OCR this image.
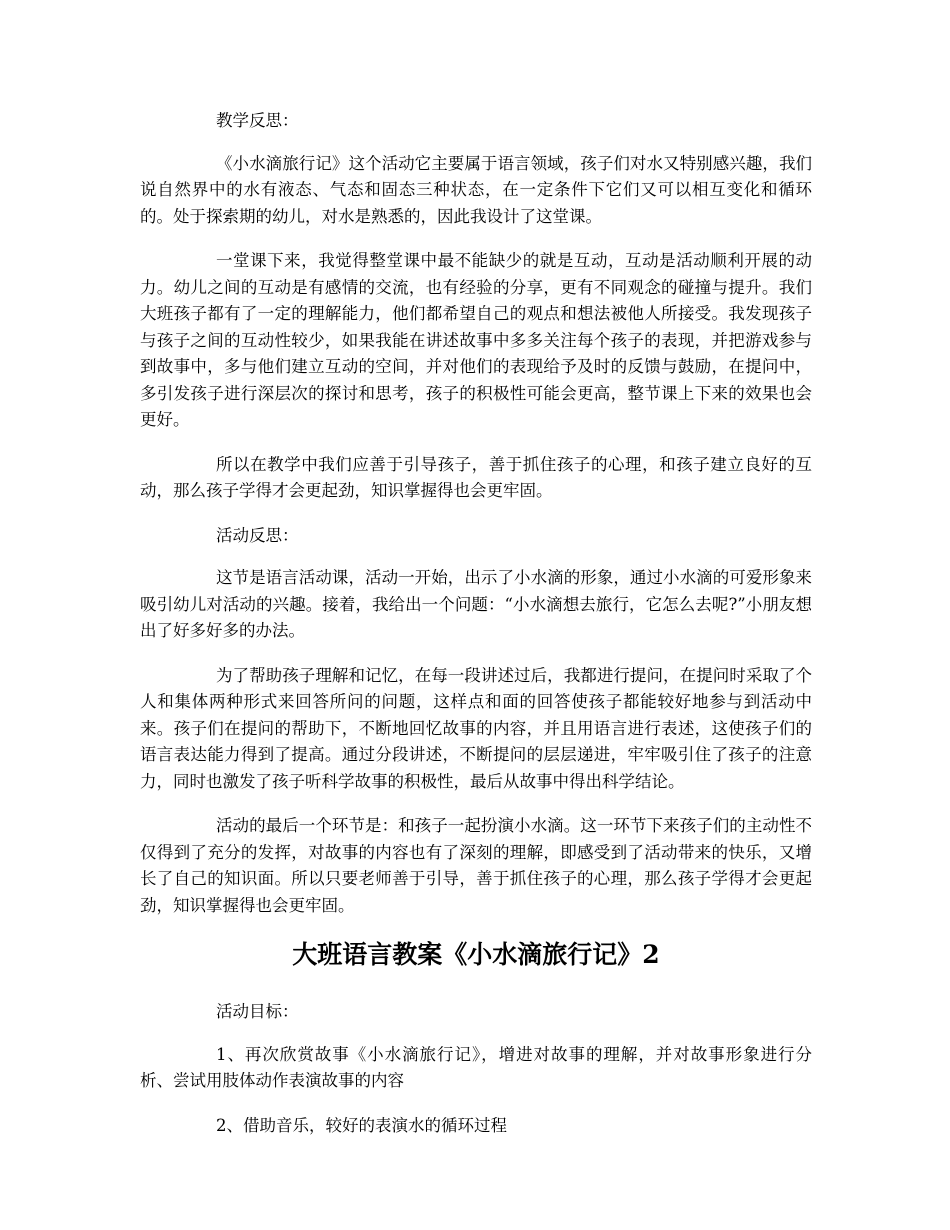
教学反思：

《小水滴旅行记》这个活动它主要属于语言领域，孩子们对水又特别感兴趣，我们说自然界中的水有液态、气态和固态三种状态，在一定条件下它们又可以相互变化和循环的。处于探索期的幼儿，对水是熟悉的，因此我设计了这堂课。

一堂课下来，我觉得整堂课中最不能缺少的就是互动，互动是活动顺利开展的动力。幼儿之间的互动是有感情的交流，也有经验的分享，更有不同观念的碰撞与提升。我们大班孩子都有了一定的理解能力，他们都希望自己的观点和想法被他人所接受。我发现孩子与孩子之间的互动性较少，如果我能在讲述故事中多多关注每个孩子的表现，并把游戏参与到故事中，多与他们建立互动的空间，并对他们的表现给予及时的反馈与鼓励，在提问中，多引发孩子进行深层次的探讨和思考，孩子的积极性可能会更高，整节课上下来的效果也会更好。

所以在教学中我们应善于引导孩子，善于抓住孩子的心理，和孩子建立良好的互动，那么孩子学得才会更起劲，知识掌握得也会更牢固。

活动反思：

这节是语言活动课，活动一开始，出示了小水滴的形象，通过小水滴的可爱形象来吸引幼儿对活动的兴趣。接着，我给出一个问题：“小水滴想去旅行，它怎么去呢?”小朋友想出了好多好多的办法。

为了帮助孩子理解和记忆，在每一段讲述过后，我都进行提问，在提问时采取了个人和集体两种形式来回答所问的问题，这样点和面的回答使孩子都能较好地参与到活动中来。孩子们在提问的帮助下，不断地回忆故事的内容，并且用语言进行表述，这使孩子们的语言表达能力得到了提高。通过分段讲述，不断提问的层层递进，牢牢吸引住了孩子的注意力，同时也激发了孩子听科学故事的积极性，最后从故事中得出科学结论。

活动的最后一个环节是：和孩子一起扮演小水滴。这一环节下来孩子们的主动性不仅得到了充分的发挥，对故事的内容也有了深刻的理解，即感受到了活动带来的快乐，又增长了自己的知识面。所以只要老师善于引导，善于抓住孩子的心理，那么孩子学得才会更起劲，知识掌握得也会更牢固。

大班语言教案《小水滴旅行记》2

活动目标：

1、再次欣赏故事《小水滴旅行记》，增进对故事的理解，并对故事形象进行分析、尝试用肢体动作表演故事的内容

2、借助音乐，较好的表演水的循环过程
